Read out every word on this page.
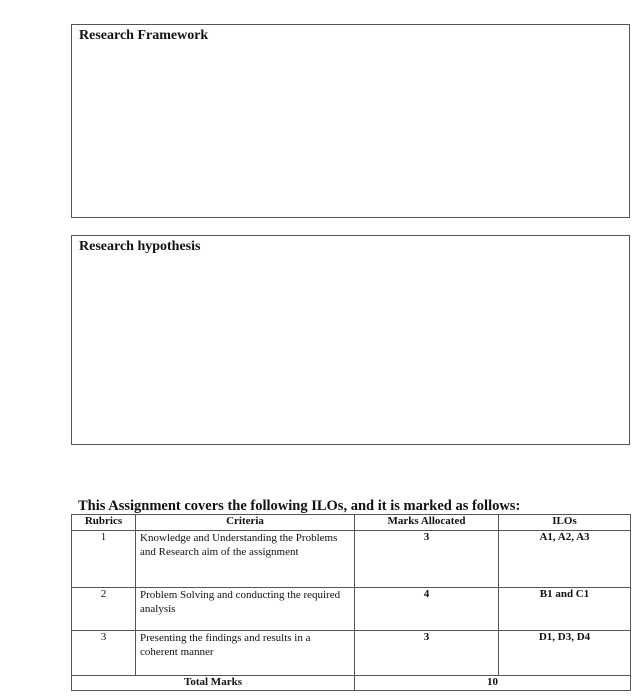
Research Framework
Research hypothesis
This Assignment covers the following ILOs, and it is marked as follows:
Rubrics	Criteria	Marks Allocated	ILOs
1	Knowledge and Understanding the Problems and Research aim of the assignment	3	A1, A2, A3
2	Problem Solving and conducting the required analysis	4	B1 and C1
3	Presenting the findings and results in a coherent manner	3	D1, D3, D4
Total Marks		10	
